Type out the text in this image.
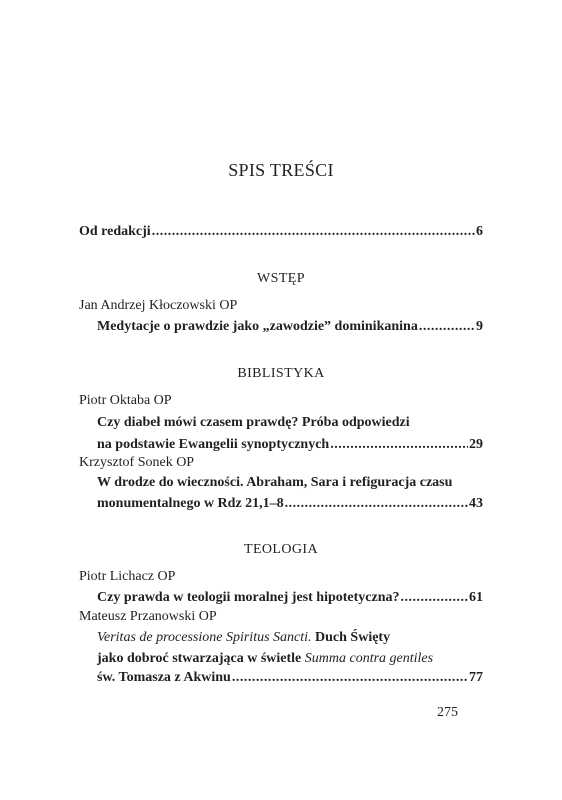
SPIS TREŚCI
Od redakcji .....	6
WSTĘP
Jan Andrzej Kłoczowski OP
Medytacje o prawdzie jako „zawodzie” dominikanina .....	9
BIBLISTYKA
Piotr Oktaba OP
Czy diabeł mówi czasem prawdę? Próba odpowiedzi
na podstawie Ewangelii synoptycznych .....	29
Krzysztof Sonek OP
W drodze do wieczności. Abraham, Sara i refiguracja czasu
monumentalnego w Rdz 21,1–8 .....	43
TEOLOGIA
Piotr Lichacz OP
Czy prawda w teologii moralnej jest hipotetyczna? .....	61
Mateusz Przanowski OP
Veritas de processione Spiritus Sancti. Duch Święty
jako dobroć stwarzająca w świetle Summa contra gentiles
św. Tomasza z Akwinu .....	77
275
